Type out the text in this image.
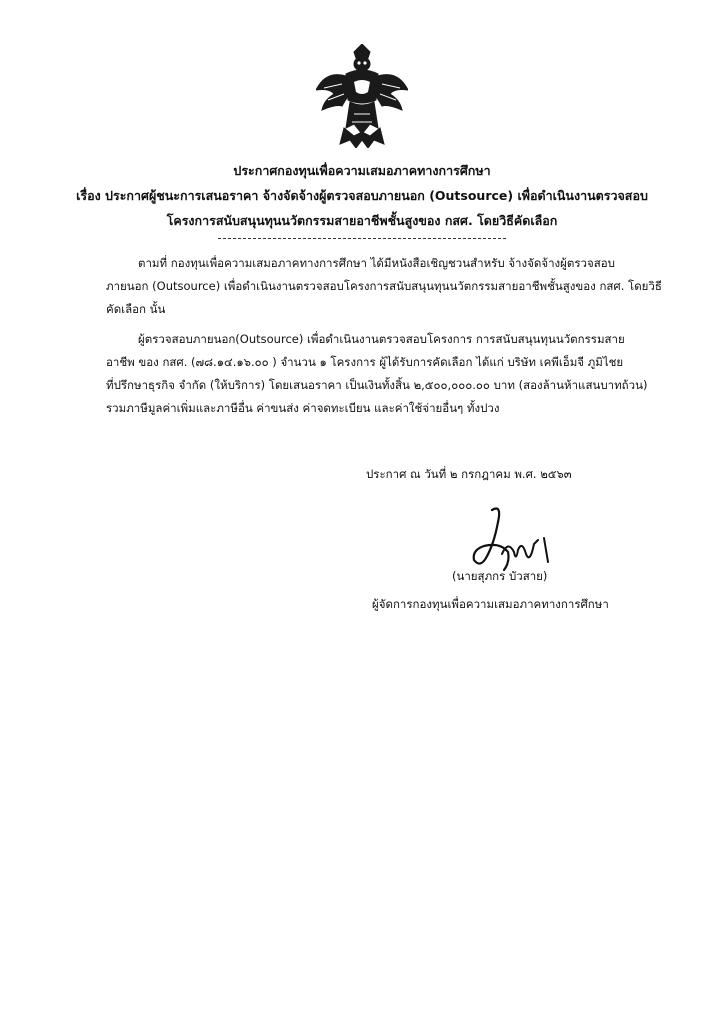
ประกาศกองทุนเพื่อความเสมอภาคทางการศึกษา
เรื่อง ประกาศผู้ชนะการเสนอราคา จ้างจัดจ้างผู้ตรวจสอบภายนอก (Outsource) เพื่อดำเนินงานตรวจสอบ
โครงการสนับสนุนทุนนวัตกรรมสายอาชีพชั้นสูงของ กสศ. โดยวิธีคัดเลือก
ตามที่ กองทุนเพื่อความเสมอภาคทางการศึกษา ได้มีหนังสือเชิญชวนสำหรับ จ้างจัดจ้างผู้ตรวจสอบ
ภายนอก (Outsource) เพื่อดำเนินงานตรวจสอบโครงการสนับสนุนทุนนวัตกรรมสายอาชีพชั้นสูงของ กสศ. โดยวิธี
คัดเลือก นั้น
ผู้ตรวจสอบภายนอก(Outsource) เพื่อดำเนินงานตรวจสอบโครงการ การสนับสนุนทุนนวัตกรรมสาย
อาชีพ ของ กสศ. (๗๘.๑๔.๑๖.๐๐ ) จำนวน ๑ โครงการ ผู้ได้รับการคัดเลือก ได้แก่ บริษัท เคพีเอ็มจี ภูมิไชย
ที่ปรึกษาธุรกิจ จำกัด (ให้บริการ) โดยเสนอราคา เป็นเงินทั้งสิ้น ๒,๕๐๐,๐๐๐.๐๐ บาท (สองล้านห้าแสนบาทถ้วน)
รวมภาษีมูลค่าเพิ่มและภาษีอื่น ค่าขนส่ง ค่าจดทะเบียน และค่าใช้จ่ายอื่นๆ ทั้งปวง
ประกาศ ณ วันที่ ๒ กรกฎาคม พ.ศ. ๒๕๖๓
(นายสุภกร บัวสาย)
ผู้จัดการกองทุนเพื่อความเสมอภาคทางการศึกษา
